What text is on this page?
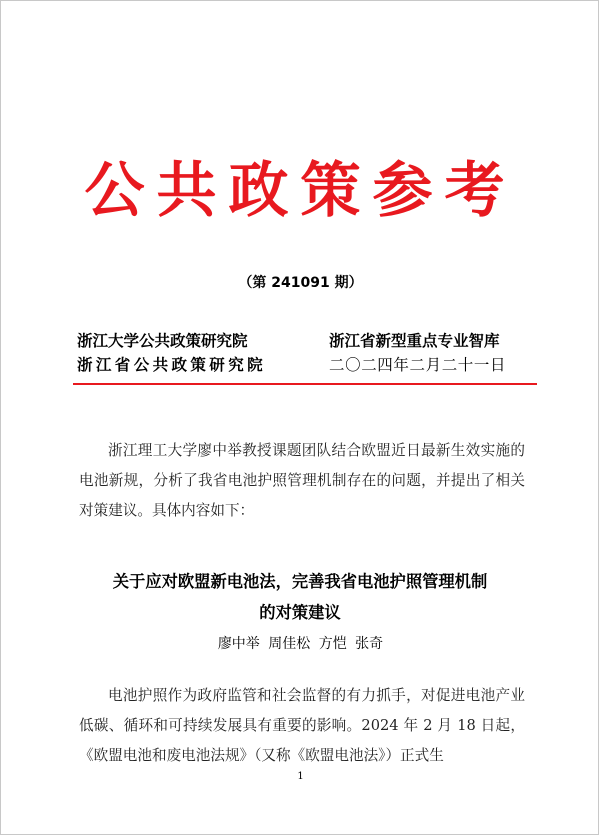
公共政策参考
（第 241091 期）
浙江大学公共政策研究院	浙江省新型重点专业智库
浙江省公共政策研究院	二〇二四年二月二十一日

浙江理工大学廖中举教授课题团队结合欧盟近日最新生效实施的电池新规，分析了我省电池护照管理机制存在的问题，并提出了相关对策建议。具体内容如下：

关于应对欧盟新电池法，完善我省电池护照管理机制
的对策建议
廖中举 周佳松 方恺 张奇

电池护照作为政府监管和社会监督的有力抓手，对促进电池产业低碳、循环和可持续发展具有重要的影响。2024 年 2 月 18 日起，《欧盟电池和废电池法规》（又称《欧盟电池法》）正式生

1
